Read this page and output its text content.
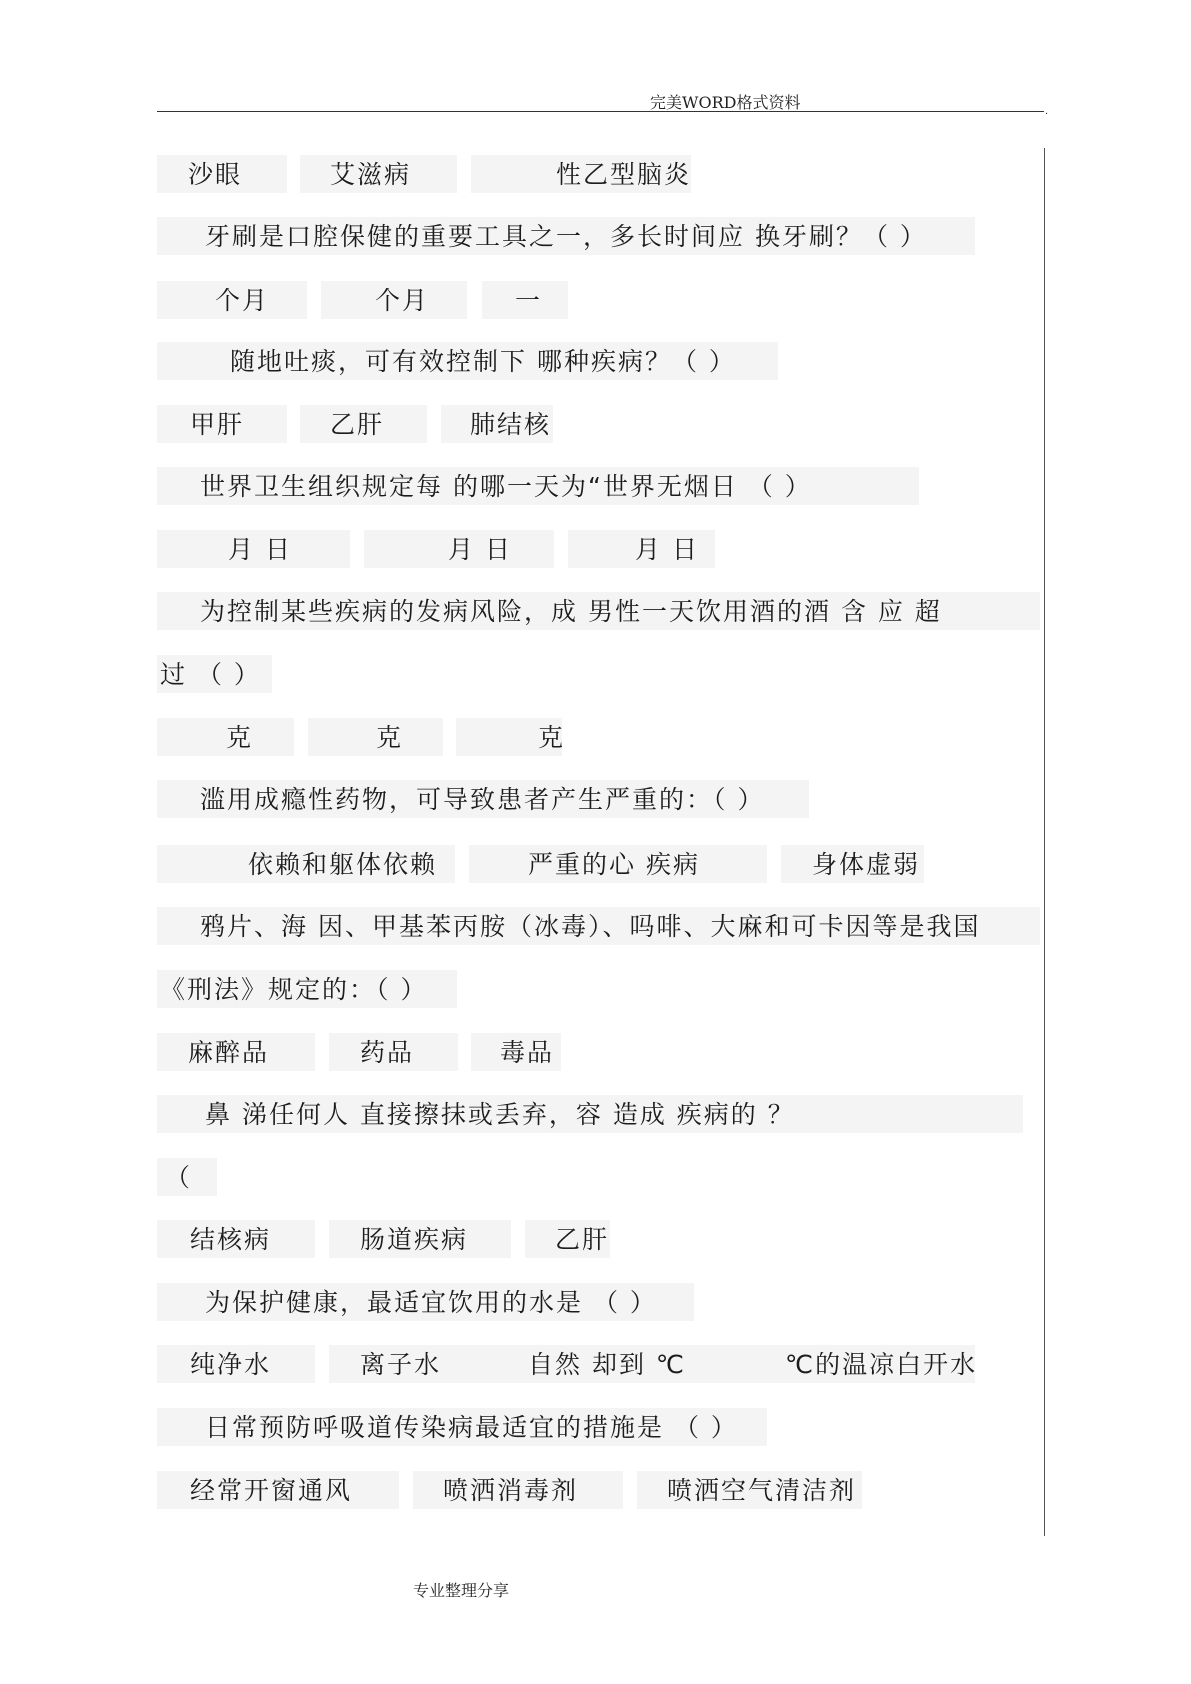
完美WORD格式资料	.
沙眼	艾滋病	性乙型脑炎
牙刷是口腔保健的重要工具之一，多长时间应 换牙刷？（ ）
个月	个月	一
随地吐痰，可有效控制下 哪种疾病？（ ）
甲肝	乙肝	肺结核
世界卫生组织规定每 的哪一天为“世界无烟日 （ ）
月 日	月 日	月 日
为控制某些疾病的发病风险，成 男性一天饮用酒的酒 含 应 超
过 （ ）
克	克	克
滥用成瘾性药物，可导致患者产生严重的：（ ）
依赖和躯体依赖	严重的心 疾病	身体虚弱
鸦片、海 因、甲基苯丙胺（冰毒）、吗啡、大麻和可卡因等是我国
《刑法》规定的：（ ）
麻醉品	药品	毒品
鼻 涕任何人 直接擦抹或丢弃，容 造成 疾病的 ？
（
结核病	肠道疾病	乙肝
为保护健康，最适宜饮用的水是 （ ）
纯净水	离子水	自然 却到 ℃	℃的温凉白开水
日常预防呼吸道传染病最适宜的措施是 （ ）
经常开窗通风	喷洒消毒剂	喷洒空气清洁剂
专业整理分享
